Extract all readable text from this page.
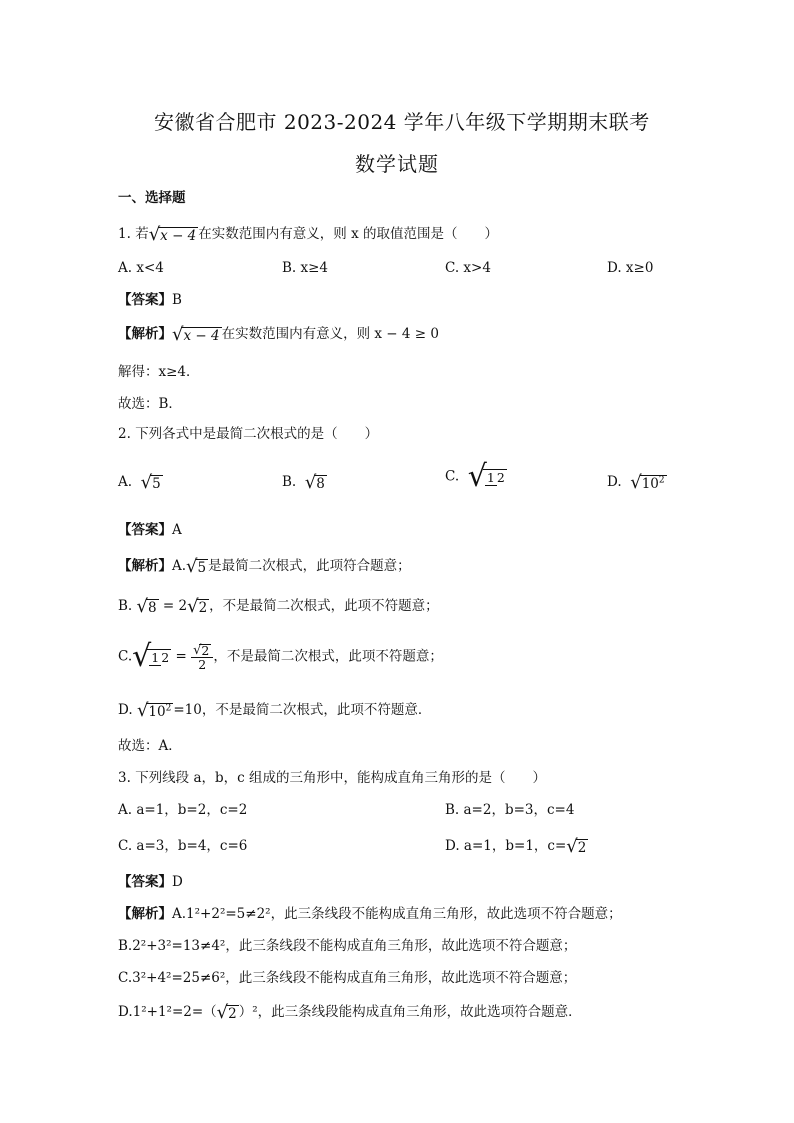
安徽省合肥市 2023-2024 学年八年级下学期期末联考
数学试题
一、选择题
1. 若√x − 4 在实数范围内有意义，则 x 的取值范围是（　　）
A. x<4	B. x≥4	C. x>4	D. x≥0
【答案】B
【解析】√x − 4 在实数范围内有意义，则 x − 4 ≥ 0
解得：x≥4．
故选：B．
2. 下列各式中是最简二次根式的是（　　）
A. √5	B. √8	C. √1 2	D. $√10^2$
【答案】A
【解析】A.√5 是最简二次根式，此项符合题意；
B. √8 = 2√2 ，不是最简二次根式，此项不符题意；
C.√1 $2 = \frac{√2}{2}$ ，不是最简二次根式，此项不符题意；
D. $√10^2 =10$，不是最简二次根式，此项不符题意．
故选：A．
3. 下列线段 a，b，c 组成的三角形中，能构成直角三角形的是（　　）
A. a=1，b=2，c=2	B. a=2，b=3，c=4
C. a=3，b=4，c=6	D. a=1，b=1，c=√2
【答案】D
【解析】A.1²+2²=5≠2²，此三条线段不能构成直角三角形，故此选项不符合题意；
B.2²+3²=13≠4²，此三条线段不能构成直角三角形，故此选项不符合题意；
C.3²+4²=25≠6²，此三条线段不能构成直角三角形，故此选项不符合题意；
D.1²+1²=2=（√2 ）²，此三条线段能构成直角三角形，故此选项符合题意．
